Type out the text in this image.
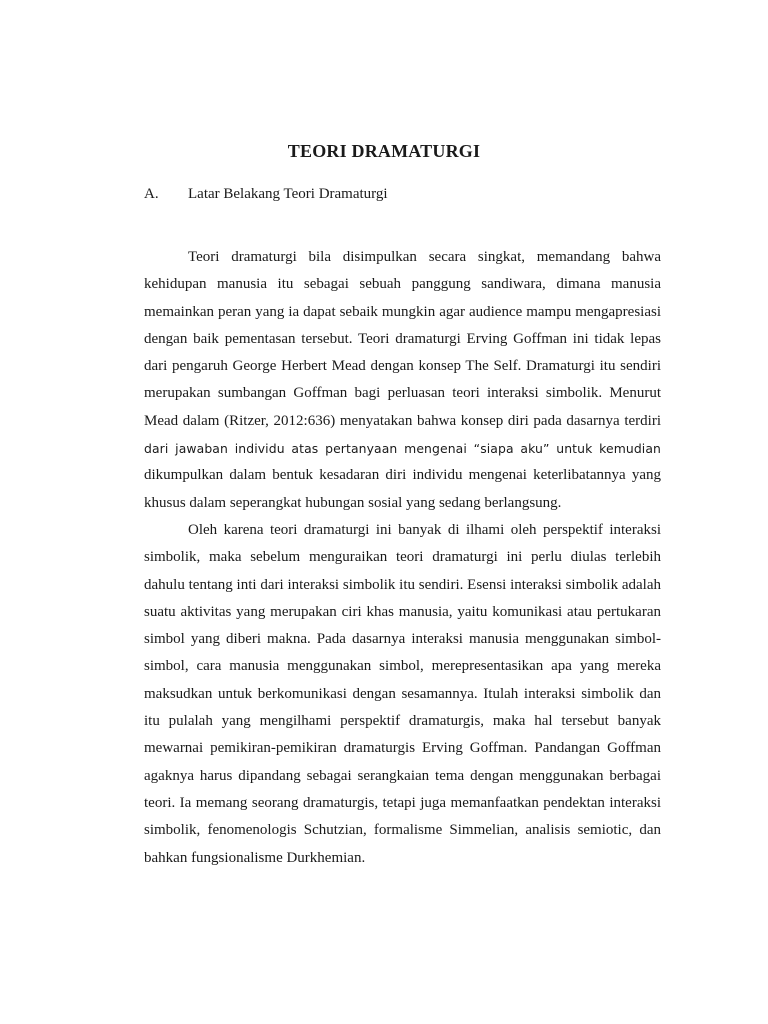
TEORI DRAMATURGI
A. Latar Belakang Teori Dramaturgi
Teori dramaturgi bila disimpulkan secara singkat, memandang bahwa
kehidupan manusia itu sebagai sebuah panggung sandiwara, dimana manusia
memainkan peran yang ia dapat sebaik mungkin agar audience mampu mengapresiasi
dengan baik pementasan tersebut. Teori dramaturgi Erving Goffman ini tidak lepas
dari pengaruh George Herbert Mead dengan konsep The Self. Dramaturgi itu sendiri
merupakan sumbangan Goffman bagi perluasan teori interaksi simbolik. Menurut
Mead dalam (Ritzer, 2012:636) menyatakan bahwa konsep diri pada dasarnya terdiri
dari jawaban individu atas pertanyaan mengenai “siapa aku” untuk kemudian
dikumpulkan dalam bentuk kesadaran diri individu mengenai keterlibatannya yang
khusus dalam seperangkat hubungan sosial yang sedang berlangsung.
Oleh karena teori dramaturgi ini banyak di ilhami oleh perspektif interaksi
simbolik, maka sebelum menguraikan teori dramaturgi ini perlu diulas terlebih
dahulu tentang inti dari interaksi simbolik itu sendiri. Esensi interaksi simbolik adalah
suatu aktivitas yang merupakan ciri khas manusia, yaitu komunikasi atau pertukaran
simbol yang diberi makna. Pada dasarnya interaksi manusia menggunakan simbol-
simbol, cara manusia menggunakan simbol, merepresentasikan apa yang mereka
maksudkan untuk berkomunikasi dengan sesamannya. Itulah interaksi simbolik dan
itu pulalah yang mengilhami perspektif dramaturgis, maka hal tersebut banyak
mewarnai pemikiran-pemikiran dramaturgis Erving Goffman. Pandangan Goffman
agaknya harus dipandang sebagai serangkaian tema dengan menggunakan berbagai
teori. Ia memang seorang dramaturgis, tetapi juga memanfaatkan pendektan interaksi
simbolik, fenomenologis Schutzian, formalisme Simmelian, analisis semiotic, dan
bahkan fungsionalisme Durkhemian.
